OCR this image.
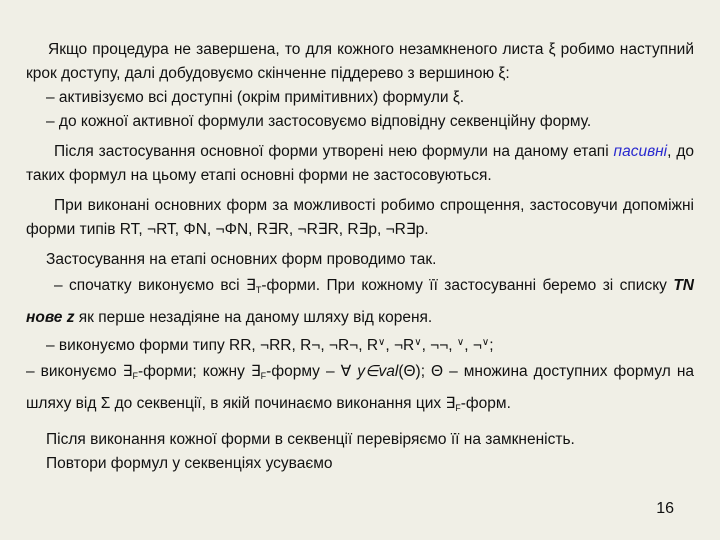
Якщо процедура не завершена, то для кожного незамкненого листа ξ робимо наступний крок доступу, далі добудовуємо скінченне піддерево з вершиною ξ:

– активізуємо всі доступні (окрім примітивних) формули ξ.

– до кожної активної формули застосовуємо відповідну секвенційну форму.

Після застосування основної форми утворені нею формули на даному етапі пасивні, до таких формул на цьому етапі основні форми не застосовуються.

При виконані основних форм за можливості робимо спрощення, застосовучи допоміжні форми типів RT, ¬RT, ΦN, ¬ΦN, R∃R, ¬R∃R, R∃p, ¬R∃p.

Застосування на етапі основних форм проводимо так.

– спочатку виконуємо всі $\exists_T$-форми. При кожному її застосуванні беремо зі списку TN нове z як перше незадіяне на даному шляху від кореня.

– виконуємо форми типу RR, ¬RR, R¬, ¬R¬, R∨, ¬R∨, ¬¬, ∨, ¬∨;

– виконуємо $\exists_F$-форми; кожну $\exists_F$-форму – ∀ y∈val(Θ); Θ – множина доступних формул на шляху від Σ до секвенції, в якій починаємо виконання цих $\exists_F$-форм.

Після виконання кожної форми в секвенції перевіряємо її на замкненість.

Повтори формул у секвенціях усуваємо

16
